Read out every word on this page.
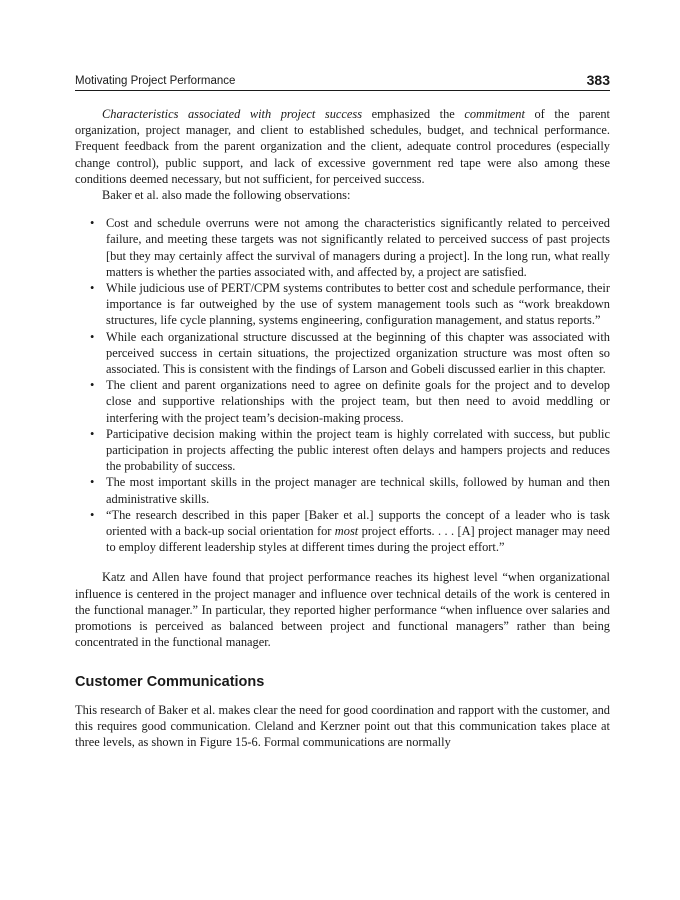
Motivating Project Performance	383

Characteristics associated with project success emphasized the commitment of the parent organization, project manager, and client to established schedules, budget, and technical performance. Frequent feedback from the parent organization and the client, adequate control procedures (especially change control), public support, and lack of excessive government red tape were also among these conditions deemed necessary, but not sufficient, for perceived success.

Baker et al. also made the following observations:

• Cost and schedule overruns were not among the characteristics significantly related to perceived failure, and meeting these targets was not significantly related to perceived success of past projects [but they may certainly affect the survival of managers during a project]. In the long run, what really matters is whether the parties associated with, and affected by, a project are satisfied.
• While judicious use of PERT/CPM systems contributes to better cost and schedule performance, their importance is far outweighed by the use of system management tools such as “work breakdown structures, life cycle planning, systems engineering, configuration management, and status reports.”
• While each organizational structure discussed at the beginning of this chapter was associated with perceived success in certain situations, the projectized organization structure was most often so associated. This is consistent with the findings of Larson and Gobeli discussed earlier in this chapter.
• The client and parent organizations need to agree on definite goals for the project and to develop close and supportive relationships with the project team, but then need to avoid meddling or interfering with the project team’s decision-making process.
• Participative decision making within the project team is highly correlated with success, but public participation in projects affecting the public interest often delays and hampers projects and reduces the probability of success.
• The most important skills in the project manager are technical skills, followed by human and then administrative skills.
• “The research described in this paper [Baker et al.] supports the concept of a leader who is task oriented with a back-up social orientation for most project efforts. . . . [A] project manager may need to employ different leadership styles at different times during the project effort.”

Katz and Allen have found that project performance reaches its highest level “when organizational influence is centered in the project manager and influence over technical details of the work is centered in the functional manager.” In particular, they reported higher performance “when influence over salaries and promotions is perceived as balanced between project and functional managers” rather than being concentrated in the functional manager.

Customer Communications

This research of Baker et al. makes clear the need for good coordination and rapport with the customer, and this requires good communication. Cleland and Kerzner point out that this communication takes place at three levels, as shown in Figure 15-6. Formal communications are normally
